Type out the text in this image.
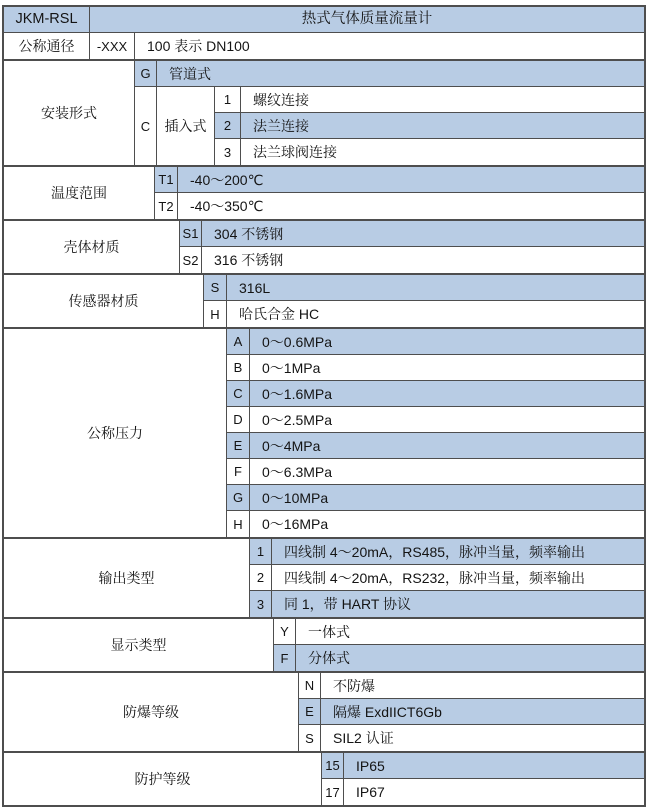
JKM-RSL	热式气体质量流量计
公称通径	-XXX	100 表示 DN100
安装形式
G	管道式
C	插入式
1	螺纹连接
2	法兰连接
3	法兰球阀连接
温度范围
T1	-40～200℃
T2	-40～350℃
壳体材质
S1	304 不锈钢
S2	316 不锈钢
传感器材质
S	316L
H	哈氏合金 HC
公称压力
A	0～0.6MPa
B	0～1MPa
C	0～1.6MPa
D	0～2.5MPa
E	0～4MPa
F	0～6.3MPa
G	0～10MPa
H	0～16MPa
输出类型
1	四线制 4～20mA，RS485，脉冲当量，频率输出
2	四线制 4～20mA，RS232，脉冲当量，频率输出
3	同 1，带 HART 协议
显示类型
Y	一体式
F	分体式
防爆等级
N	不防爆
E	隔爆 ExdIICT6Gb
S	SIL2 认证
防护等级
15	IP65
17	IP67
